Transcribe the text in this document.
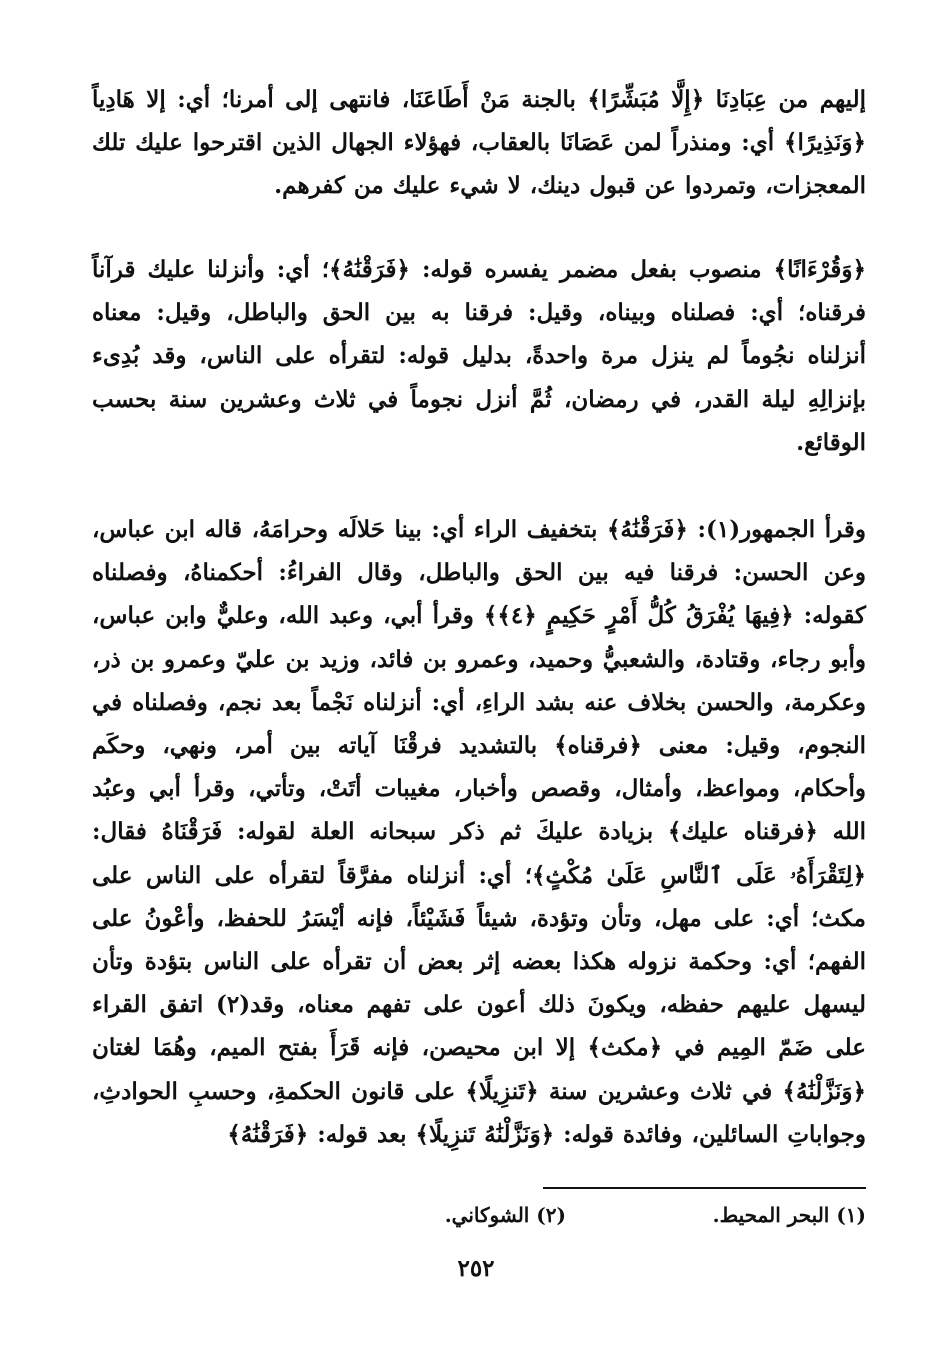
إليهم من عِبَادِنَا ﴿إِلَّا مُبَشِّرًا﴾ بالجنة مَنْ أَطَاعَنَا، فانتهى إلى أمرنا؛ أي: إلا هَادِياً ﴿وَنَذِيرًا﴾ أي: ومنذراً لمن عَصَانَا بالعقاب، فهؤلاء الجهال الذين اقترحوا عليك تلك المعجزات، وتمردوا عن قبول دينك، لا شيء عليك من كفرهم.

﴿وَقُرْءَانًا﴾ منصوب بفعل مضمر يفسره قوله: ﴿فَرَقْنَٰهُ﴾؛ أي: وأنزلنا عليك قرآناً فرقناه؛ أي: فصلناه وبيناه، وقيل: فرقنا به بين الحق والباطل، وقيل: معناه أنزلناه نجُوماً لم ينزل مرة واحدةً، بدليل قوله: لتقرأه على الناس، وقد بُدِىء بإنزالِهِ ليلة القدر، في رمضان، ثُمَّ أنزل نجوماً في ثلاث وعشرين سنة بحسب الوقائع.

وقرأ الجمهور(١): ﴿فَرَقْنَٰهُ﴾ بتخفيف الراء أي: بينا حَلالَه وحرامَهُ، قاله ابن عباس، وعن الحسن: فرقنا فيه بين الحق والباطل، وقال الفراءُ: أحكمناهُ، وفصلناه كقوله: ﴿فِيهَا يُفْرَقُ كُلُّ أَمْرٍ حَكِيمٍ ﴿٤﴾﴾ وقرأ أبي، وعبد الله، وعليٌّ وابن عباس، وأبو رجاء، وقتادة، والشعبيُّ وحميد، وعمرو بن فائد، وزيد بن عليّ وعمرو بن ذر، وعكرمة، والحسن بخلاف عنه بشد الراءِ، أي: أنزلناه نَجْماً بعد نجم، وفصلناه في النجوم، وقيل: معنى ﴿فرقناه﴾ بالتشديد فرقْنَا آياته بين أمر، ونهي، وحكَم وأحكام، ومواعظ، وأمثال، وقصص وأخبار، مغيبات أتَتْ، وتأتي، وقرأ أبي وعبُد الله ﴿فرقناه عليك﴾ بزيادة عليكَ ثم ذكر سبحانه العلة لقوله: فَرَقْنَاهُ فقال: ﴿لِتَقْرَأَهُۥ عَلَى ٱلنَّاسِ عَلَىٰ مُكْثٍ﴾؛ أي: أنزلناه مفرَّقاً لتقرأه على الناس على مكث؛ أي: على مهل، وتأن وتؤدة، شيئاً فَشَيْئاً، فإنه أيْسَرُ للحفظ، وأعْونُ على الفهم؛ أي: وحكمة نزوله هكذا بعضه إثر بعض أن تقرأه على الناس بتؤدة وتأن ليسهل عليهم حفظه، ويكونَ ذلك أعون على تفهم معناه، وقد(٢) اتفق القراء على ضَمّ المِيم في ﴿مكث﴾ إلا ابن محيصن، فإنه قَرَأَ بفتح الميم، وهُمَا لغتان ﴿وَنَزَّلْنَٰهُ﴾ في ثلاث وعشرين سنة ﴿تَنزِيلًا﴾ على قانون الحكمةِ، وحسبِ الحوادثِ، وجواباتِ السائلين، وفائدة قوله: ﴿وَنَزَّلْنَٰهُ تَنزِيلًا﴾ بعد قوله: ﴿فَرَقْنَٰهُ﴾

(١) البحر المحيط.
(٢) الشوكاني.
٢٥٢
